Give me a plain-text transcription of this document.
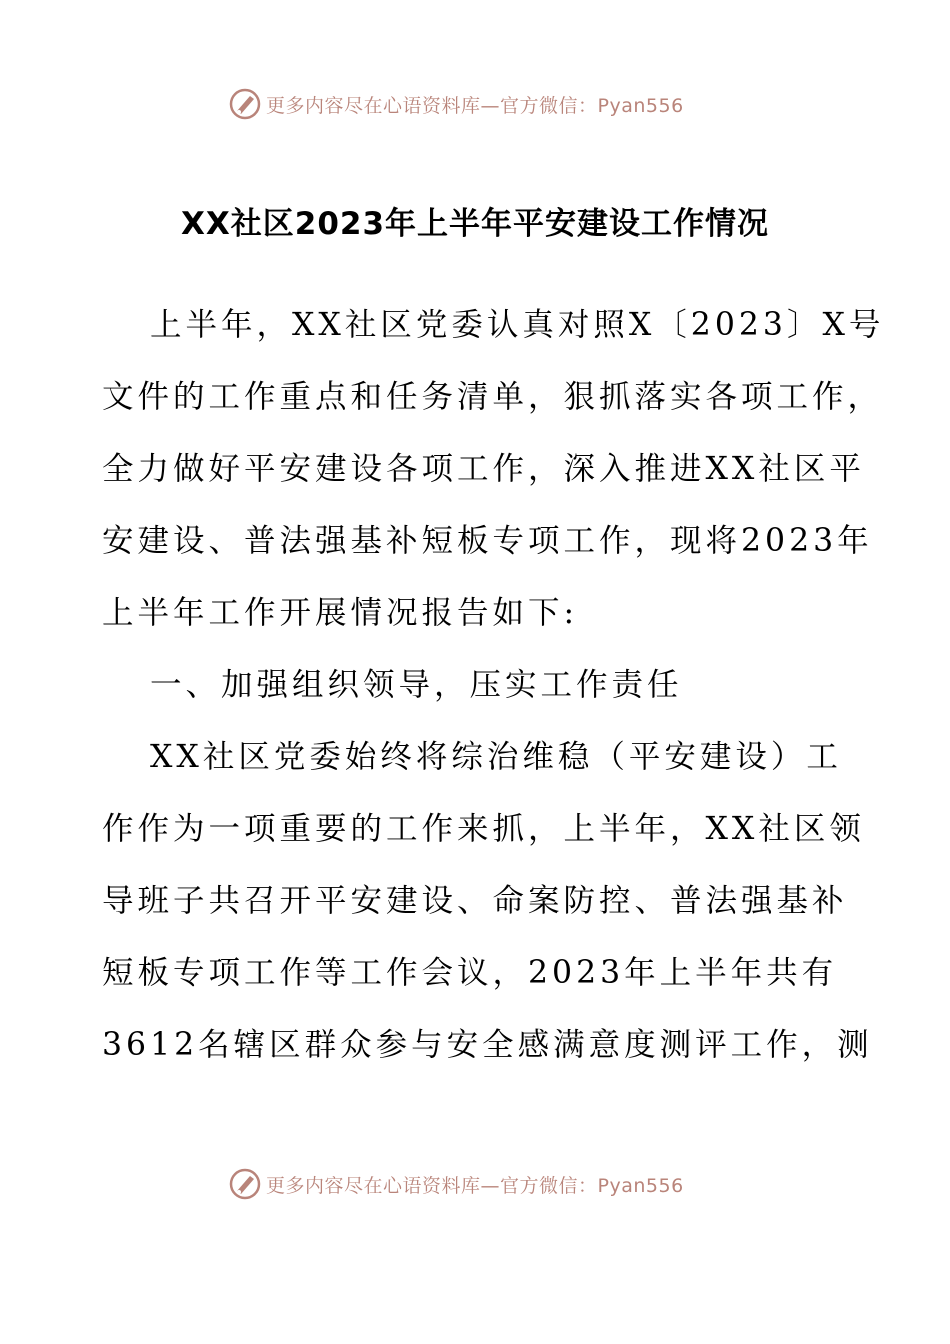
更多内容尽在心语资料库—官方微信：Pyan556
XX社区2023年上半年平安建设工作情况
上半年，XX社区党委认真对照X〔2023〕X号
文件的工作重点和任务清单，狠抓落实各项工作，
全力做好平安建设各项工作，深入推进XX社区平
安建设、普法强基补短板专项工作，现将2023年
上半年工作开展情况报告如下:
一、加强组织领导，压实工作责任
XX社区党委始终将综治维稳（平安建设）工
作作为一项重要的工作来抓，上半年，XX社区领
导班子共召开平安建设、命案防控、普法强基补
短板专项工作等工作会议，2023年上半年共有
3612名辖区群众参与安全感满意度测评工作，测
更多内容尽在心语资料库—官方微信：Pyan556
